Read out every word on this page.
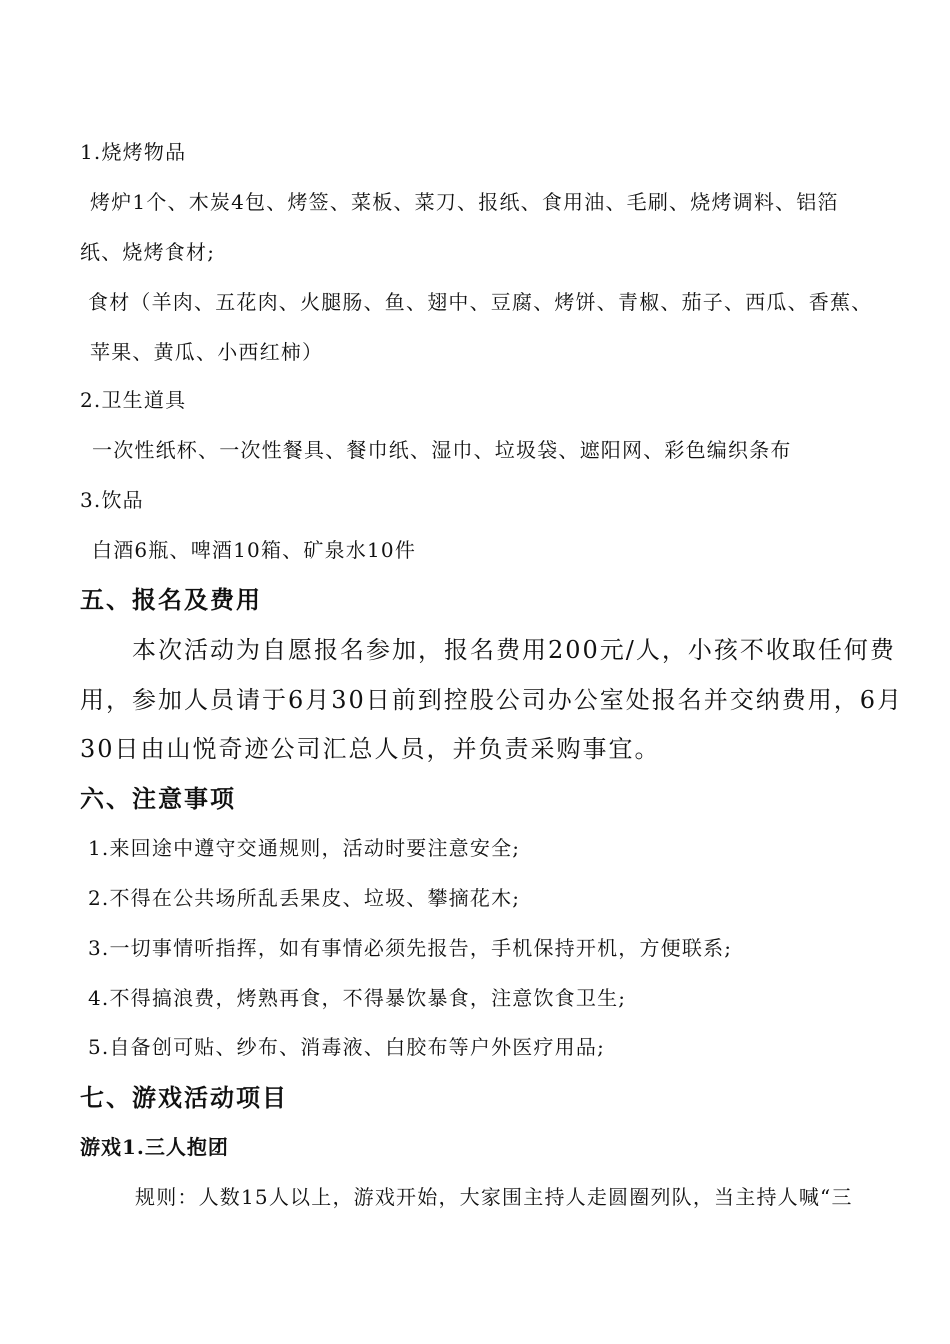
1.烧烤物品
烤炉1个、木炭4包、烤签、菜板、菜刀、报纸、食用油、毛刷、烧烤调料、铝箔
纸、烧烤食材;
食材（羊肉、五花肉、火腿肠、鱼、翅中、豆腐、烤饼、青椒、茄子、西瓜、香蕉、
苹果、黄瓜、小西红柿）
2.卫生道具
一次性纸杯、一次性餐具、餐巾纸、湿巾、垃圾袋、遮阳网、彩色编织条布
3.饮品
白酒6瓶、啤酒10箱、矿泉水10件
五、报名及费用
本次活动为自愿报名参加，报名费用200元/人，小孩不收取任何费
用，参加人员请于6月30日前到控股公司办公室处报名并交纳费用，6月
30日由山悦奇迹公司汇总人员，并负责采购事宜。
六、注意事项
1.来回途中遵守交通规则，活动时要注意安全;
2.不得在公共场所乱丢果皮、垃圾、攀摘花木;
3.一切事情听指挥，如有事情必须先报告，手机保持开机，方便联系;
4.不得搞浪费，烤熟再食，不得暴饮暴食，注意饮食卫生;
5.自备创可贴、纱布、消毒液、白胶布等户外医疗用品;
七、游戏活动项目
游戏1.三人抱团
规则：人数15人以上，游戏开始，大家围主持人走圆圈列队，当主持人喊“三
